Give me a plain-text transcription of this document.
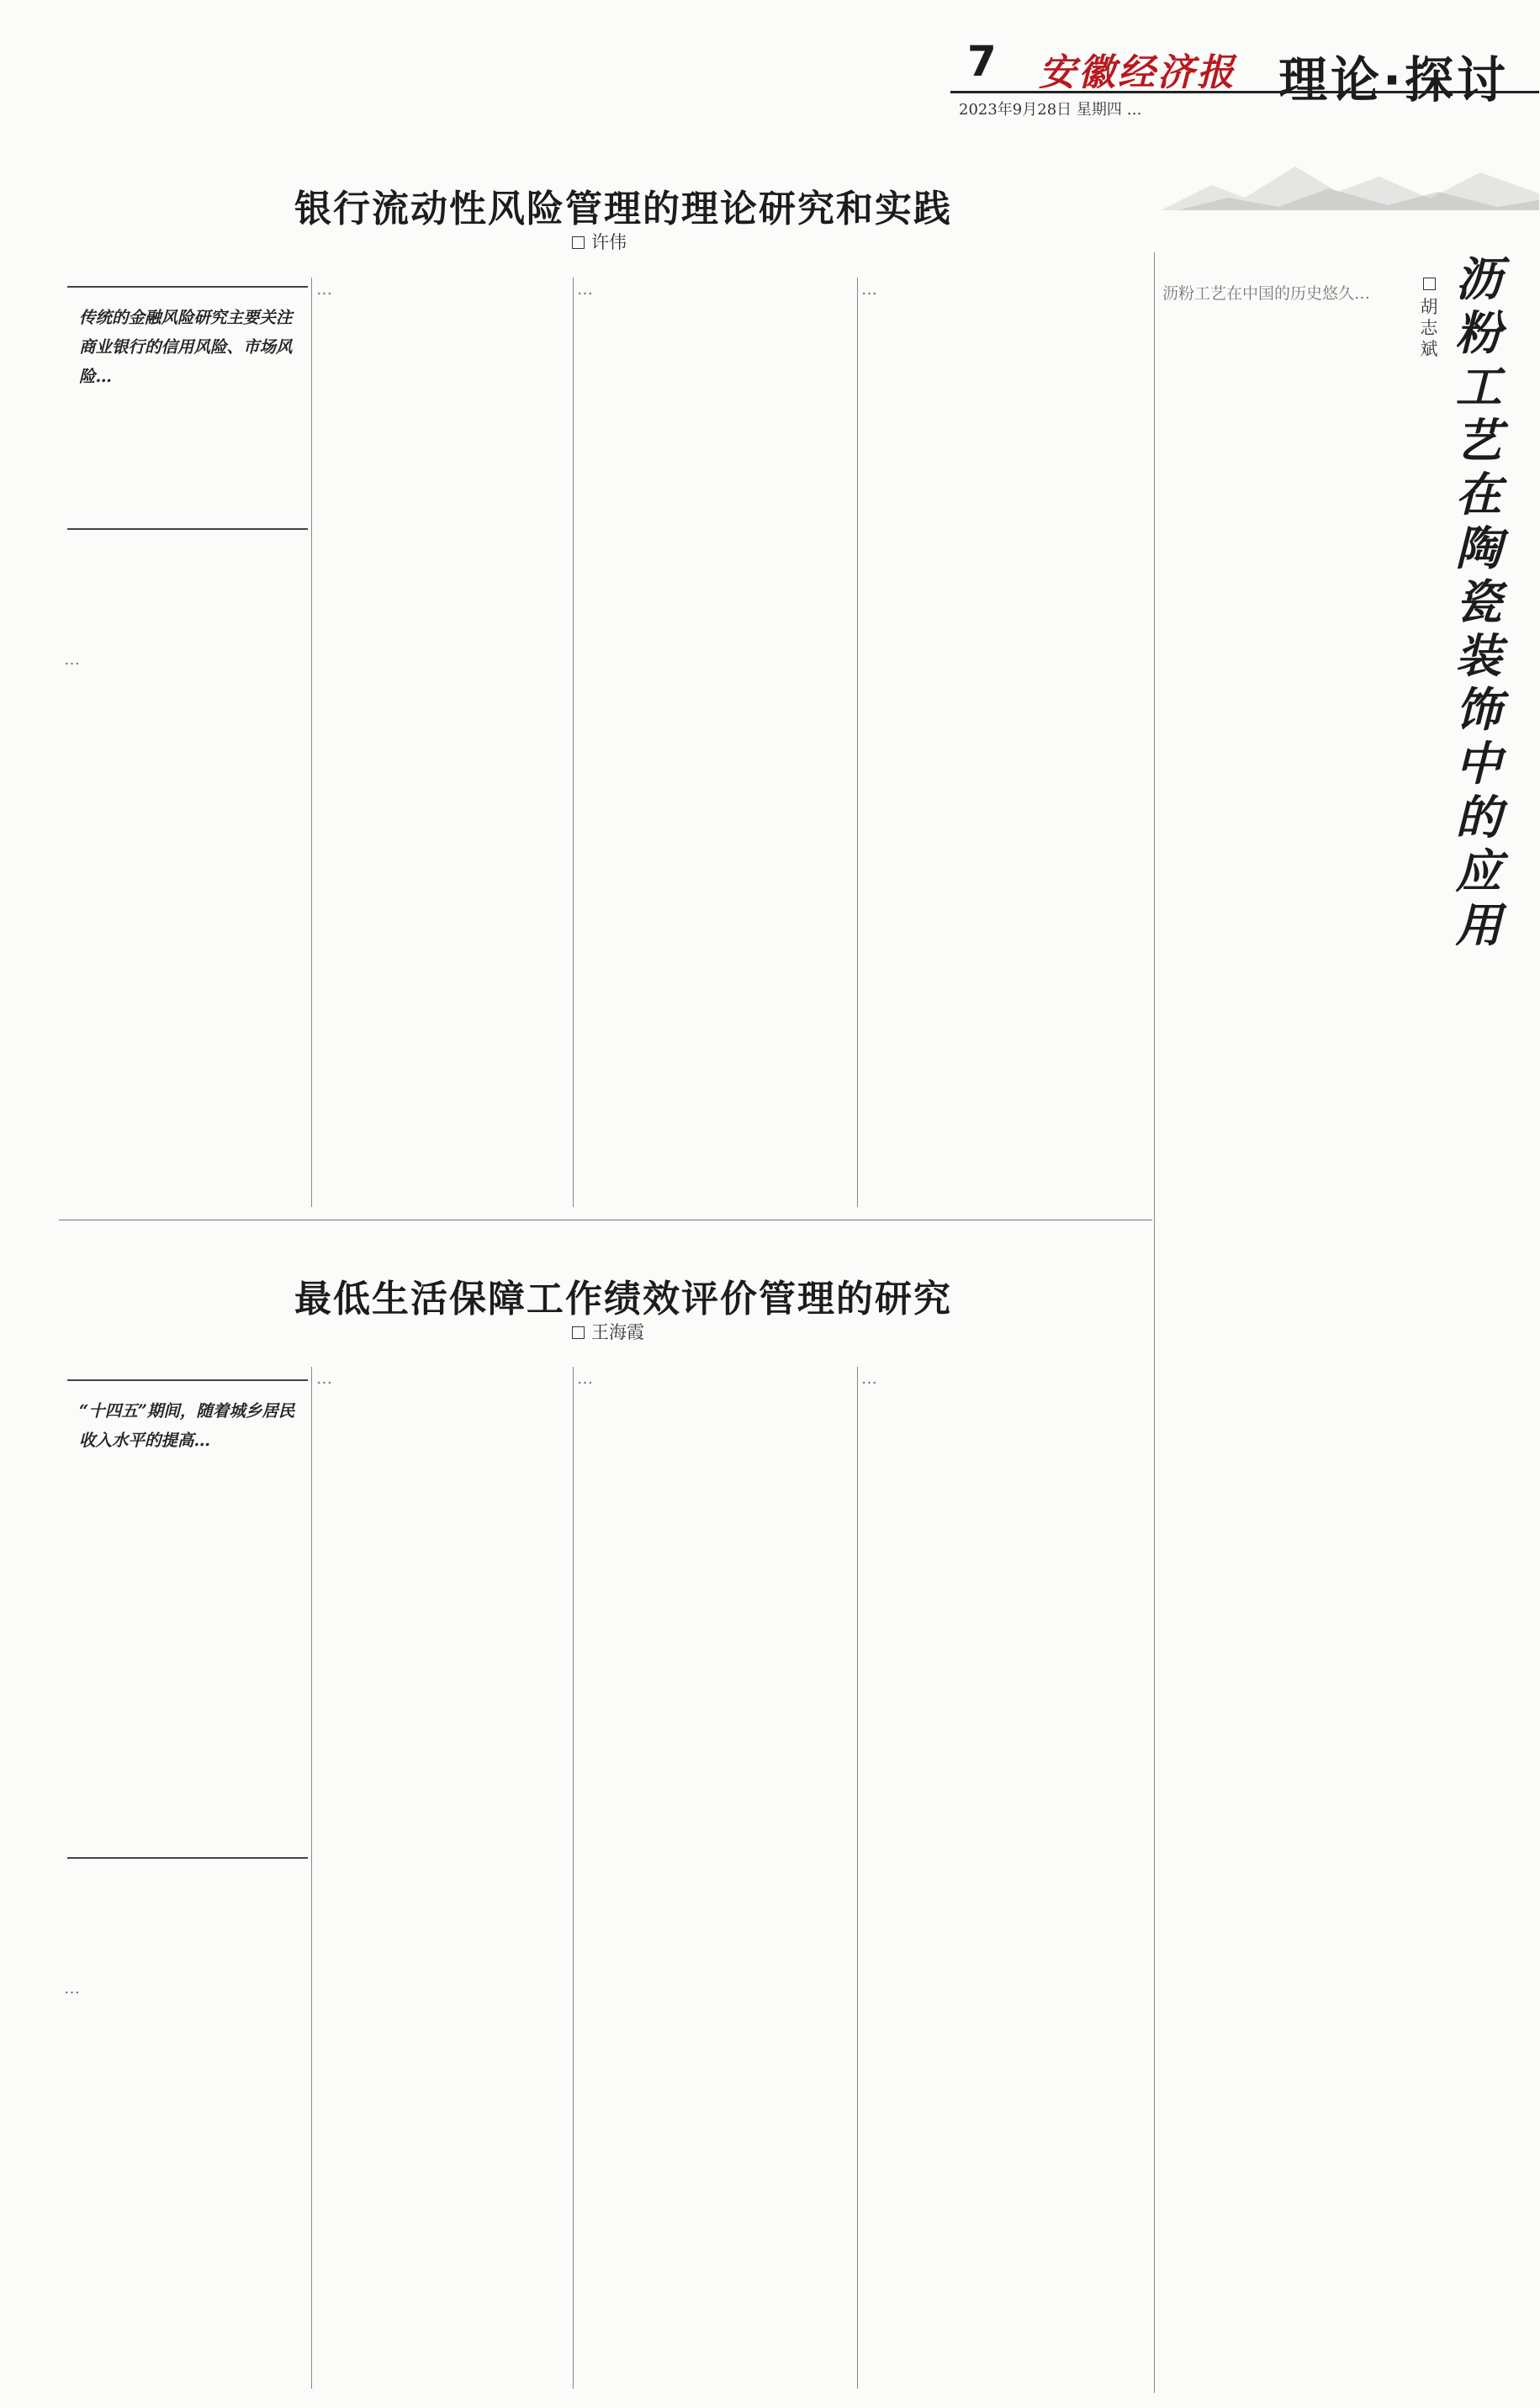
7 安徽经济报 理论·探讨
2023年9月28日 星期四 …
银行流动性风险管理的理论研究和实践
许伟
传统的金融风险研究主要关注商业银行的信用风险、市场风险…
…
…	…	…
最低生活保障工作绩效评价管理的研究
王海霞
“十四五”期间，随着城乡居民收入水平的提高…
…
…	…	…
沥粉工艺在陶瓷装饰中的应用
胡志斌
沥粉工艺在中国的历史悠久…
